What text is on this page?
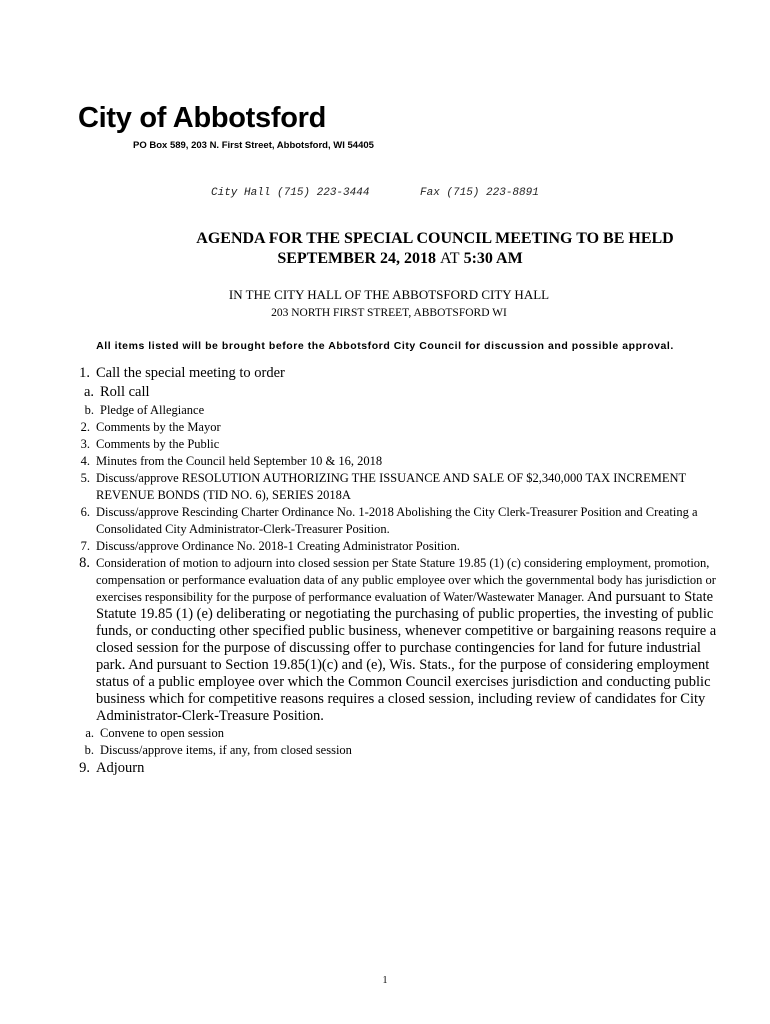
City of Abbotsford
PO Box 589, 203 N. First Street, Abbotsford, WI 54405
City Hall (715) 223-3444	Fax (715) 223-8891
AGENDA FOR THE SPECIAL COUNCIL MEETING TO BE HELD
SEPTEMBER 24, 2018 AT 5:30 AM
IN THE CITY HALL OF THE ABBOTSFORD CITY HALL
203 NORTH FIRST STREET, ABBOTSFORD WI
All items listed will be brought before the Abbotsford City Council for discussion and possible approval.
1. Call the special meeting to order
a. Roll call
b. Pledge of Allegiance
2. Comments by the Mayor
3. Comments by the Public
4. Minutes from the Council held September 10 & 16, 2018
5. Discuss/approve RESOLUTION AUTHORIZING THE ISSUANCE AND SALE OF $2,340,000 TAX INCREMENT REVENUE BONDS (TID NO. 6), SERIES 2018A
6. Discuss/approve Rescinding Charter Ordinance No. 1-2018 Abolishing the City Clerk-Treasurer Position and Creating a Consolidated City Administrator-Clerk-Treasurer Position.
7. Discuss/approve Ordinance No. 2018-1 Creating Administrator Position.
8. Consideration of motion to adjourn into closed session per State Stature 19.85 (1) (c) considering employment, promotion, compensation or performance evaluation data of any public employee over which the governmental body has jurisdiction or exercises responsibility for the purpose of performance evaluation of Water/Wastewater Manager. And pursuant to State Statute 19.85 (1) (e) deliberating or negotiating the purchasing of public properties, the investing of public funds, or conducting other specified public business, whenever competitive or bargaining reasons require a closed session for the purpose of discussing offer to purchase contingencies for land for future industrial park. And pursuant to Section 19.85(1)(c) and (e), Wis. Stats., for the purpose of considering employment status of a public employee over which the Common Council exercises jurisdiction and conducting public business which for competitive reasons requires a closed session, including review of candidates for City Administrator-Clerk-Treasure Position.
a. Convene to open session
b. Discuss/approve items, if any, from closed session
9. Adjourn
1
